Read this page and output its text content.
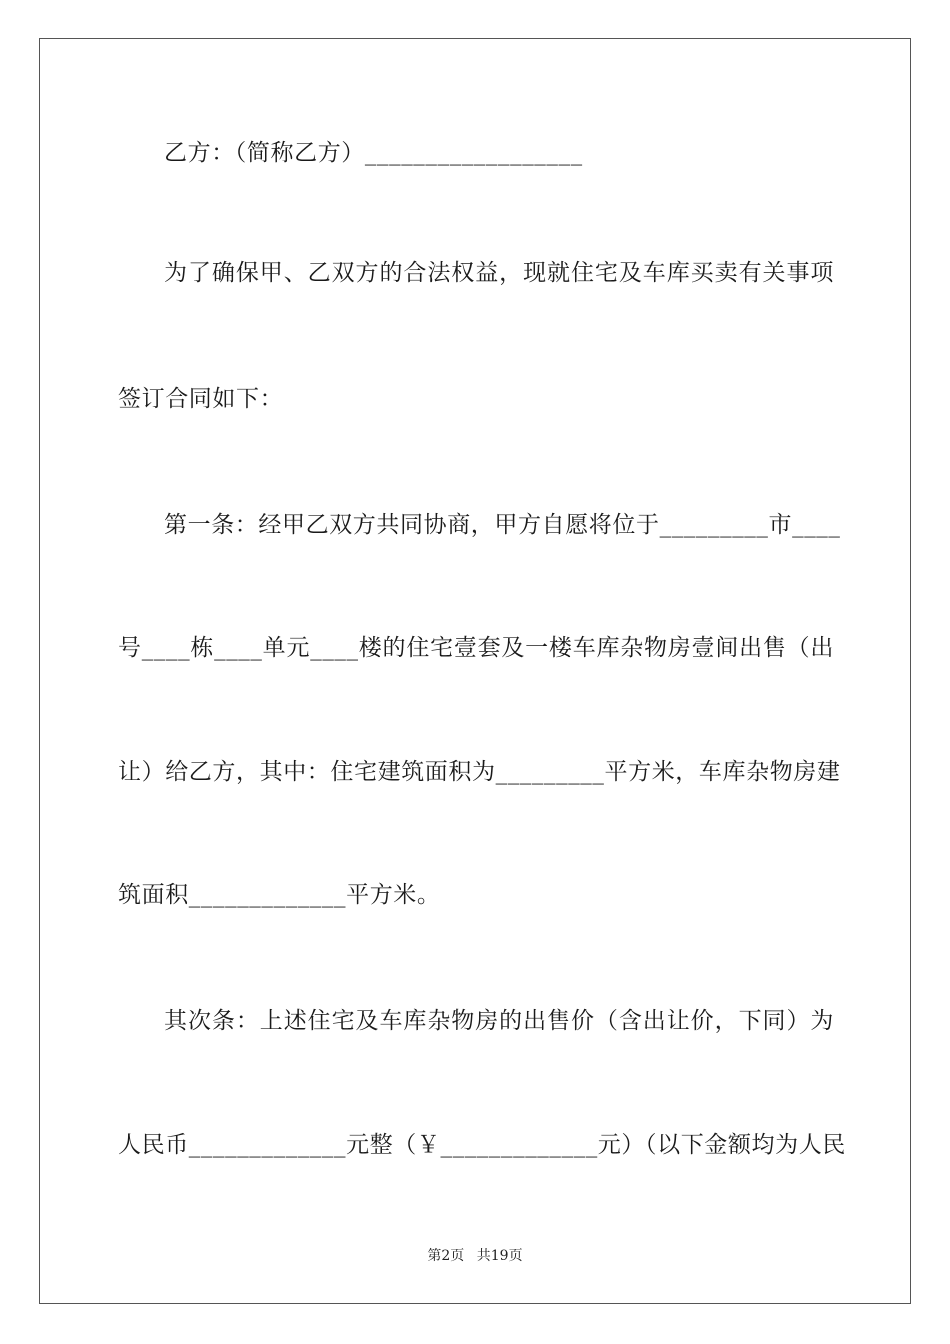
乙方：（简称乙方）__________________
为了确保甲、乙双方的合法权益，现就住宅及车库买卖有关事项
签订合同如下：
第一条：经甲乙双方共同协商，甲方自愿将位于_________市____
号____栋____单元____楼的住宅壹套及一楼车库杂物房壹间出售（出
让）给乙方，其中：住宅建筑面积为_________平方米，车库杂物房建
筑面积_____________平方米。
其次条：上述住宅及车库杂物房的出售价（含出让价，下同）为
人民币_____________元整（￥_____________元）（以下金额均为人民
第2页 共19页
